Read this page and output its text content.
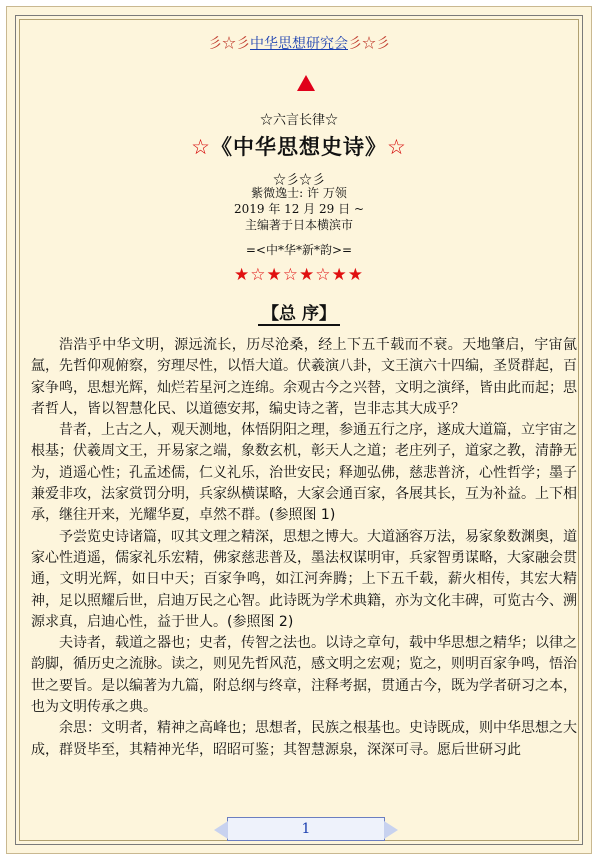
彡☆彡中华思想研究会彡☆彡
☆六言长律☆
☆《中华思想史诗》☆
☆彡☆彡
紫微逸士: 许 万领
2019 年 12 月 29 日 ~
主编著于日本横滨市
=<中*华*新*韵>=
★☆★☆★☆★★
【总 序】

浩浩乎中华文明，源远流长，历尽沧桑，经上下五千载而不衰。天地肇启，宇宙氤氲，先哲仰观俯察，穷理尽性，以悟大道。伏羲演八卦，文王演六十四编，圣贤群起，百家争鸣，思想光辉，灿烂若星河之连绵。余观古今之兴替，文明之演绎，皆由此而起；思者哲人，皆以智慧化民、以道德安邦，编史诗之著，岂非志其大成乎？

昔者，上古之人，观天测地，体悟阴阳之理，参通五行之序，遂成大道篇，立宇宙之根基；伏羲周文王，开易家之端，象数玄机，彰天人之道；老庄列子，道家之教，清静无为，逍遥心性；孔孟述儒，仁义礼乐，治世安民；释迦弘佛，慈悲普济，心性哲学；墨子兼爱非攻，法家赏罚分明，兵家纵横谋略，大家会通百家，各展其长，互为补益。上下相承，继往开来，光耀华夏，卓然不群。(参照图 1)

予尝览史诗诸篇，叹其文理之精深，思想之博大。大道涵容万法，易家象数渊奥，道家心性逍遥，儒家礼乐宏精，佛家慈悲普及，墨法权谋明审，兵家智勇谋略，大家融会贯通，文明光辉，如日中天；百家争鸣，如江河奔腾；上下五千载，薪火相传，其宏大精神，足以照耀后世，启迪万民之心智。此诗既为学术典籍，亦为文化丰碑，可览古今、溯源求真，启迪心性，益于世人。(参照图 2)

夫诗者，载道之器也；史者，传智之法也。以诗之章句，载中华思想之精华；以律之韵脚，循历史之流脉。读之，则见先哲风范，感文明之宏观；览之，则明百家争鸣，悟治世之要旨。是以编著为九篇，附总纲与终章，注释考据，贯通古今，既为学者研习之本，也为文明传承之典。

余思：文明者，精神之高峰也；思想者，民族之根基也。史诗既成，则中华思想之大成，群贤毕至，其精神光华，昭昭可鉴；其智慧源泉，深深可寻。愿后世研习此

1
